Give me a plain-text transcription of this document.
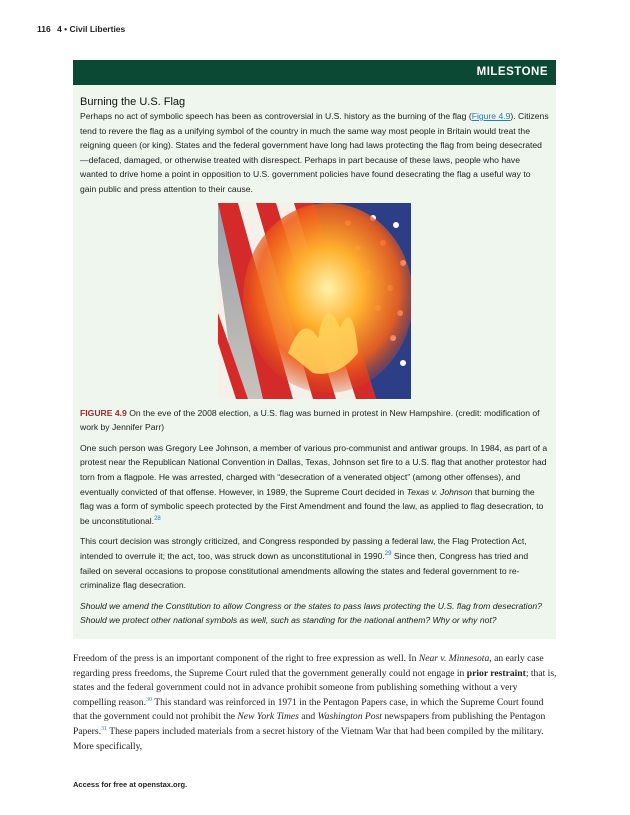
116 4 • Civil Liberties
MILESTONE
Burning the U.S. Flag

Perhaps no act of symbolic speech has been as controversial in U.S. history as the burning of the flag (Figure 4.9). Citizens tend to revere the flag as a unifying symbol of the country in much the same way most people in Britain would treat the reigning queen (or king). States and the federal government have long had laws protecting the flag from being desecrated—defaced, damaged, or otherwise treated with disrespect. Perhaps in part because of these laws, people who have wanted to drive home a point in opposition to U.S. government policies have found desecrating the flag a useful way to gain public and press attention to their cause.

FIGURE 4.9 On the eve of the 2008 election, a U.S. flag was burned in protest in New Hampshire. (credit: modification of work by Jennifer Parr)

One such person was Gregory Lee Johnson, a member of various pro-communist and antiwar groups. In 1984, as part of a protest near the Republican National Convention in Dallas, Texas, Johnson set fire to a U.S. flag that another protestor had torn from a flagpole. He was arrested, charged with “desecration of a venerated object” (among other offenses), and eventually convicted of that offense. However, in 1989, the Supreme Court decided in Texas v. Johnson that burning the flag was a form of symbolic speech protected by the First Amendment and found the law, as applied to flag desecration, to be unconstitutional.$^{28}$

This court decision was strongly criticized, and Congress responded by passing a federal law, the Flag Protection Act, intended to overrule it; the act, too, was struck down as unconstitutional in 1990.29 Since then, Congress has tried and failed on several occasions to propose constitutional amendments allowing the states and federal government to re-criminalize flag desecration.

Should we amend the Constitution to allow Congress or the states to pass laws protecting the U.S. flag from desecration? Should we protect other national symbols as well, such as standing for the national anthem? Why or why not?

Freedom of the press is an important component of the right to free expression as well. In Near v. Minnesota, an early case regarding press freedoms, the Supreme Court ruled that the government generally could not engage in prior restraint; that is, states and the federal government could not in advance prohibit someone from publishing something without a very compelling reason.$^{30}$ This standard was reinforced in 1971 in the Pentagon Papers case, in which the Supreme Court found that the government could not prohibit the New York Times and Washington Post newspapers from publishing the Pentagon Papers.$^{31}$ These papers included materials from a secret history of the Vietnam War that had been compiled by the military. More specifically,

Access for free at openstax.org.
